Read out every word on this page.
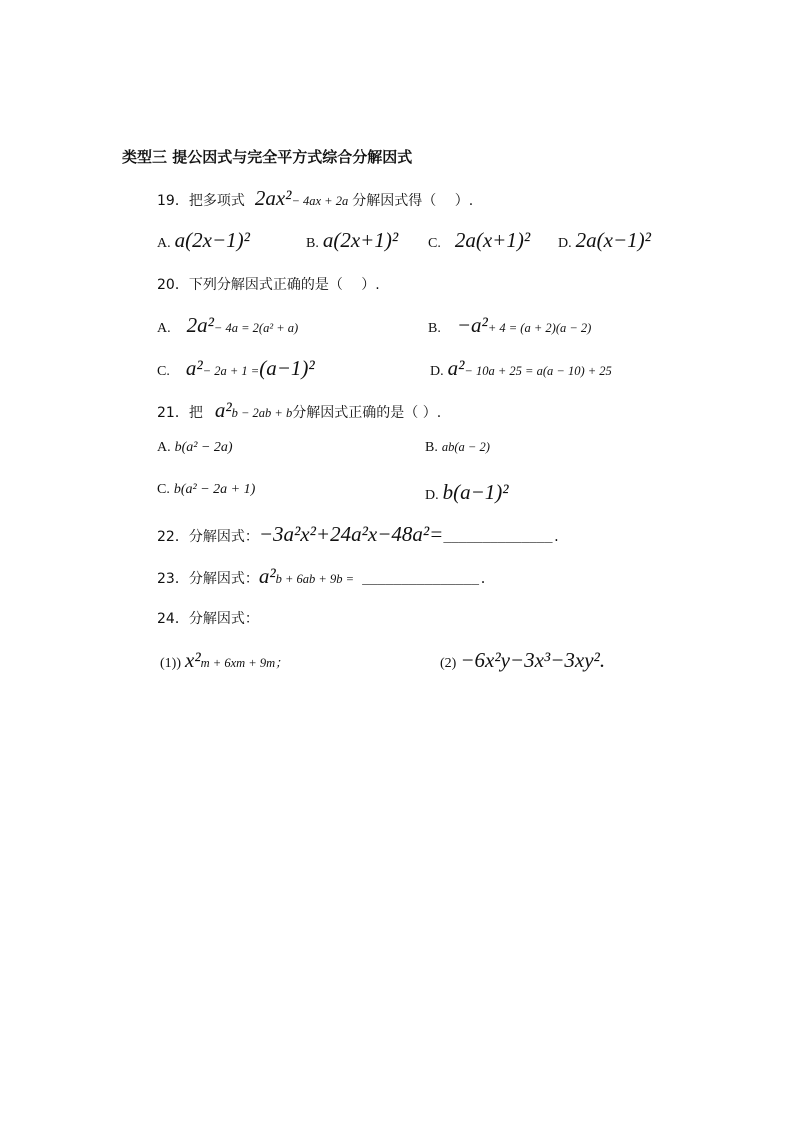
类型三 提公因式与完全平方式综合分解因式
19．把多项式 2ax² − 4ax + 2a 分解因式得（　 ）.
A. a(2x−1)²	B. a(2x+1)² C. 2a(x+1)² D. 2a(x−1)²
20．下列分解因式正确的是（　 ）.
A. 2a² − 4a = 2(a² + a)	B. −a² + 4 = (a + 2)(a − 2)
C. a² − 2a + 1 = (a−1)²	D. a² − 10a + 25 = a(a − 10) + 25
21．把 a² b − 2ab + b 分解因式正确的是（ ）.
A. b(a² − 2a)	B. ab(a − 2)
C. b(a² − 2a + 1)	D. b(a−1)²
22．分解因式： −3a²x²+24a²x−48a²= ______________.
23．分解因式： a² b + 6ab + 9b = _______________.
24．分解因式：
(1)) x² m + 6xm + 9m；	(2) −6x²y−3x³−3xy².
